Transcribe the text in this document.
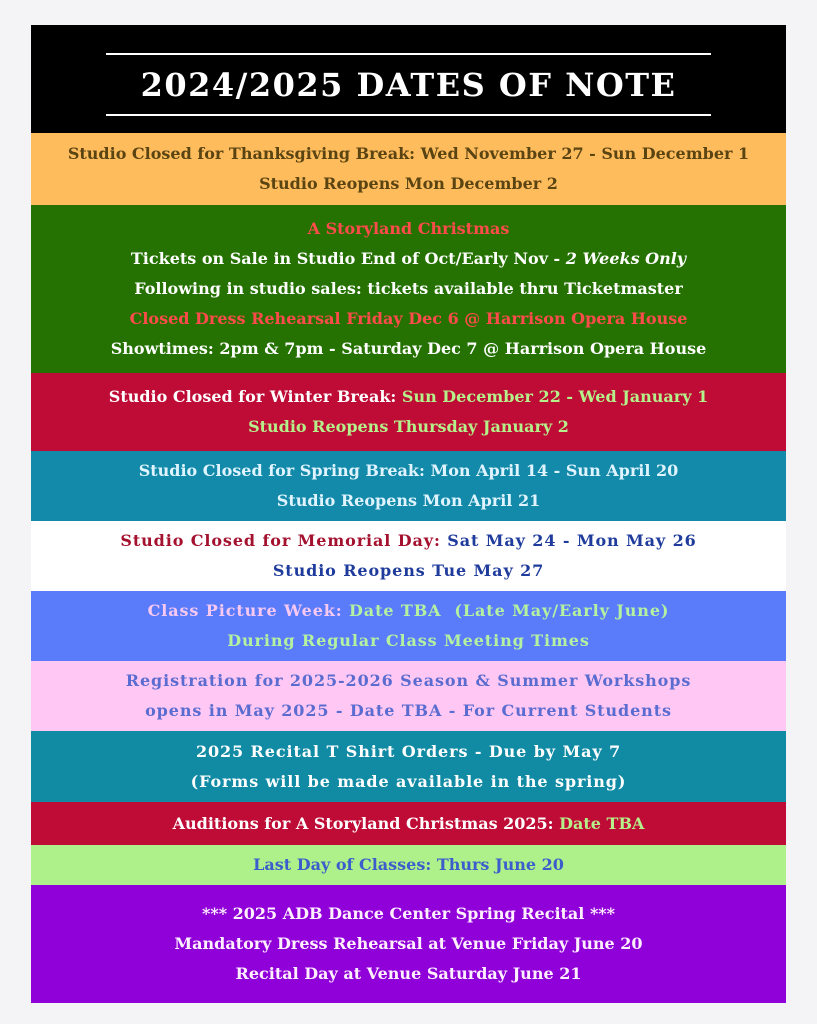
2024/2025 DATES OF NOTE
Studio Closed for Thanksgiving Break: Wed November 27 - Sun December 1
Studio Reopens Mon December 2
A Storyland Christmas
Tickets on Sale in Studio End of Oct/Early Nov - 2 Weeks Only
Following in studio sales: tickets available thru Ticketmaster
Closed Dress Rehearsal Friday Dec 6 @ Harrison Opera House
Showtimes: 2pm & 7pm - Saturday Dec 7 @ Harrison Opera House
Studio Closed for Winter Break: Sun December 22 - Wed January 1
Studio Reopens Thursday January 2
Studio Closed for Spring Break: Mon April 14 - Sun April 20
Studio Reopens Mon April 21
Studio Closed for Memorial Day: Sat May 24 - Mon May 26
Studio Reopens Tue May 27
Class Picture Week: Date TBA  (Late May/Early June)
During Regular Class Meeting Times
Registration for 2025-2026 Season & Summer Workshops
opens in May 2025 - Date TBA - For Current Students
2025 Recital T Shirt Orders - Due by May 7
(Forms will be made available in the spring)
Auditions for A Storyland Christmas 2025: Date TBA
Last Day of Classes: Thurs June 20
*** 2025 ADB Dance Center Spring Recital ***
Mandatory Dress Rehearsal at Venue Friday June 20
Recital Day at Venue Saturday June 21
